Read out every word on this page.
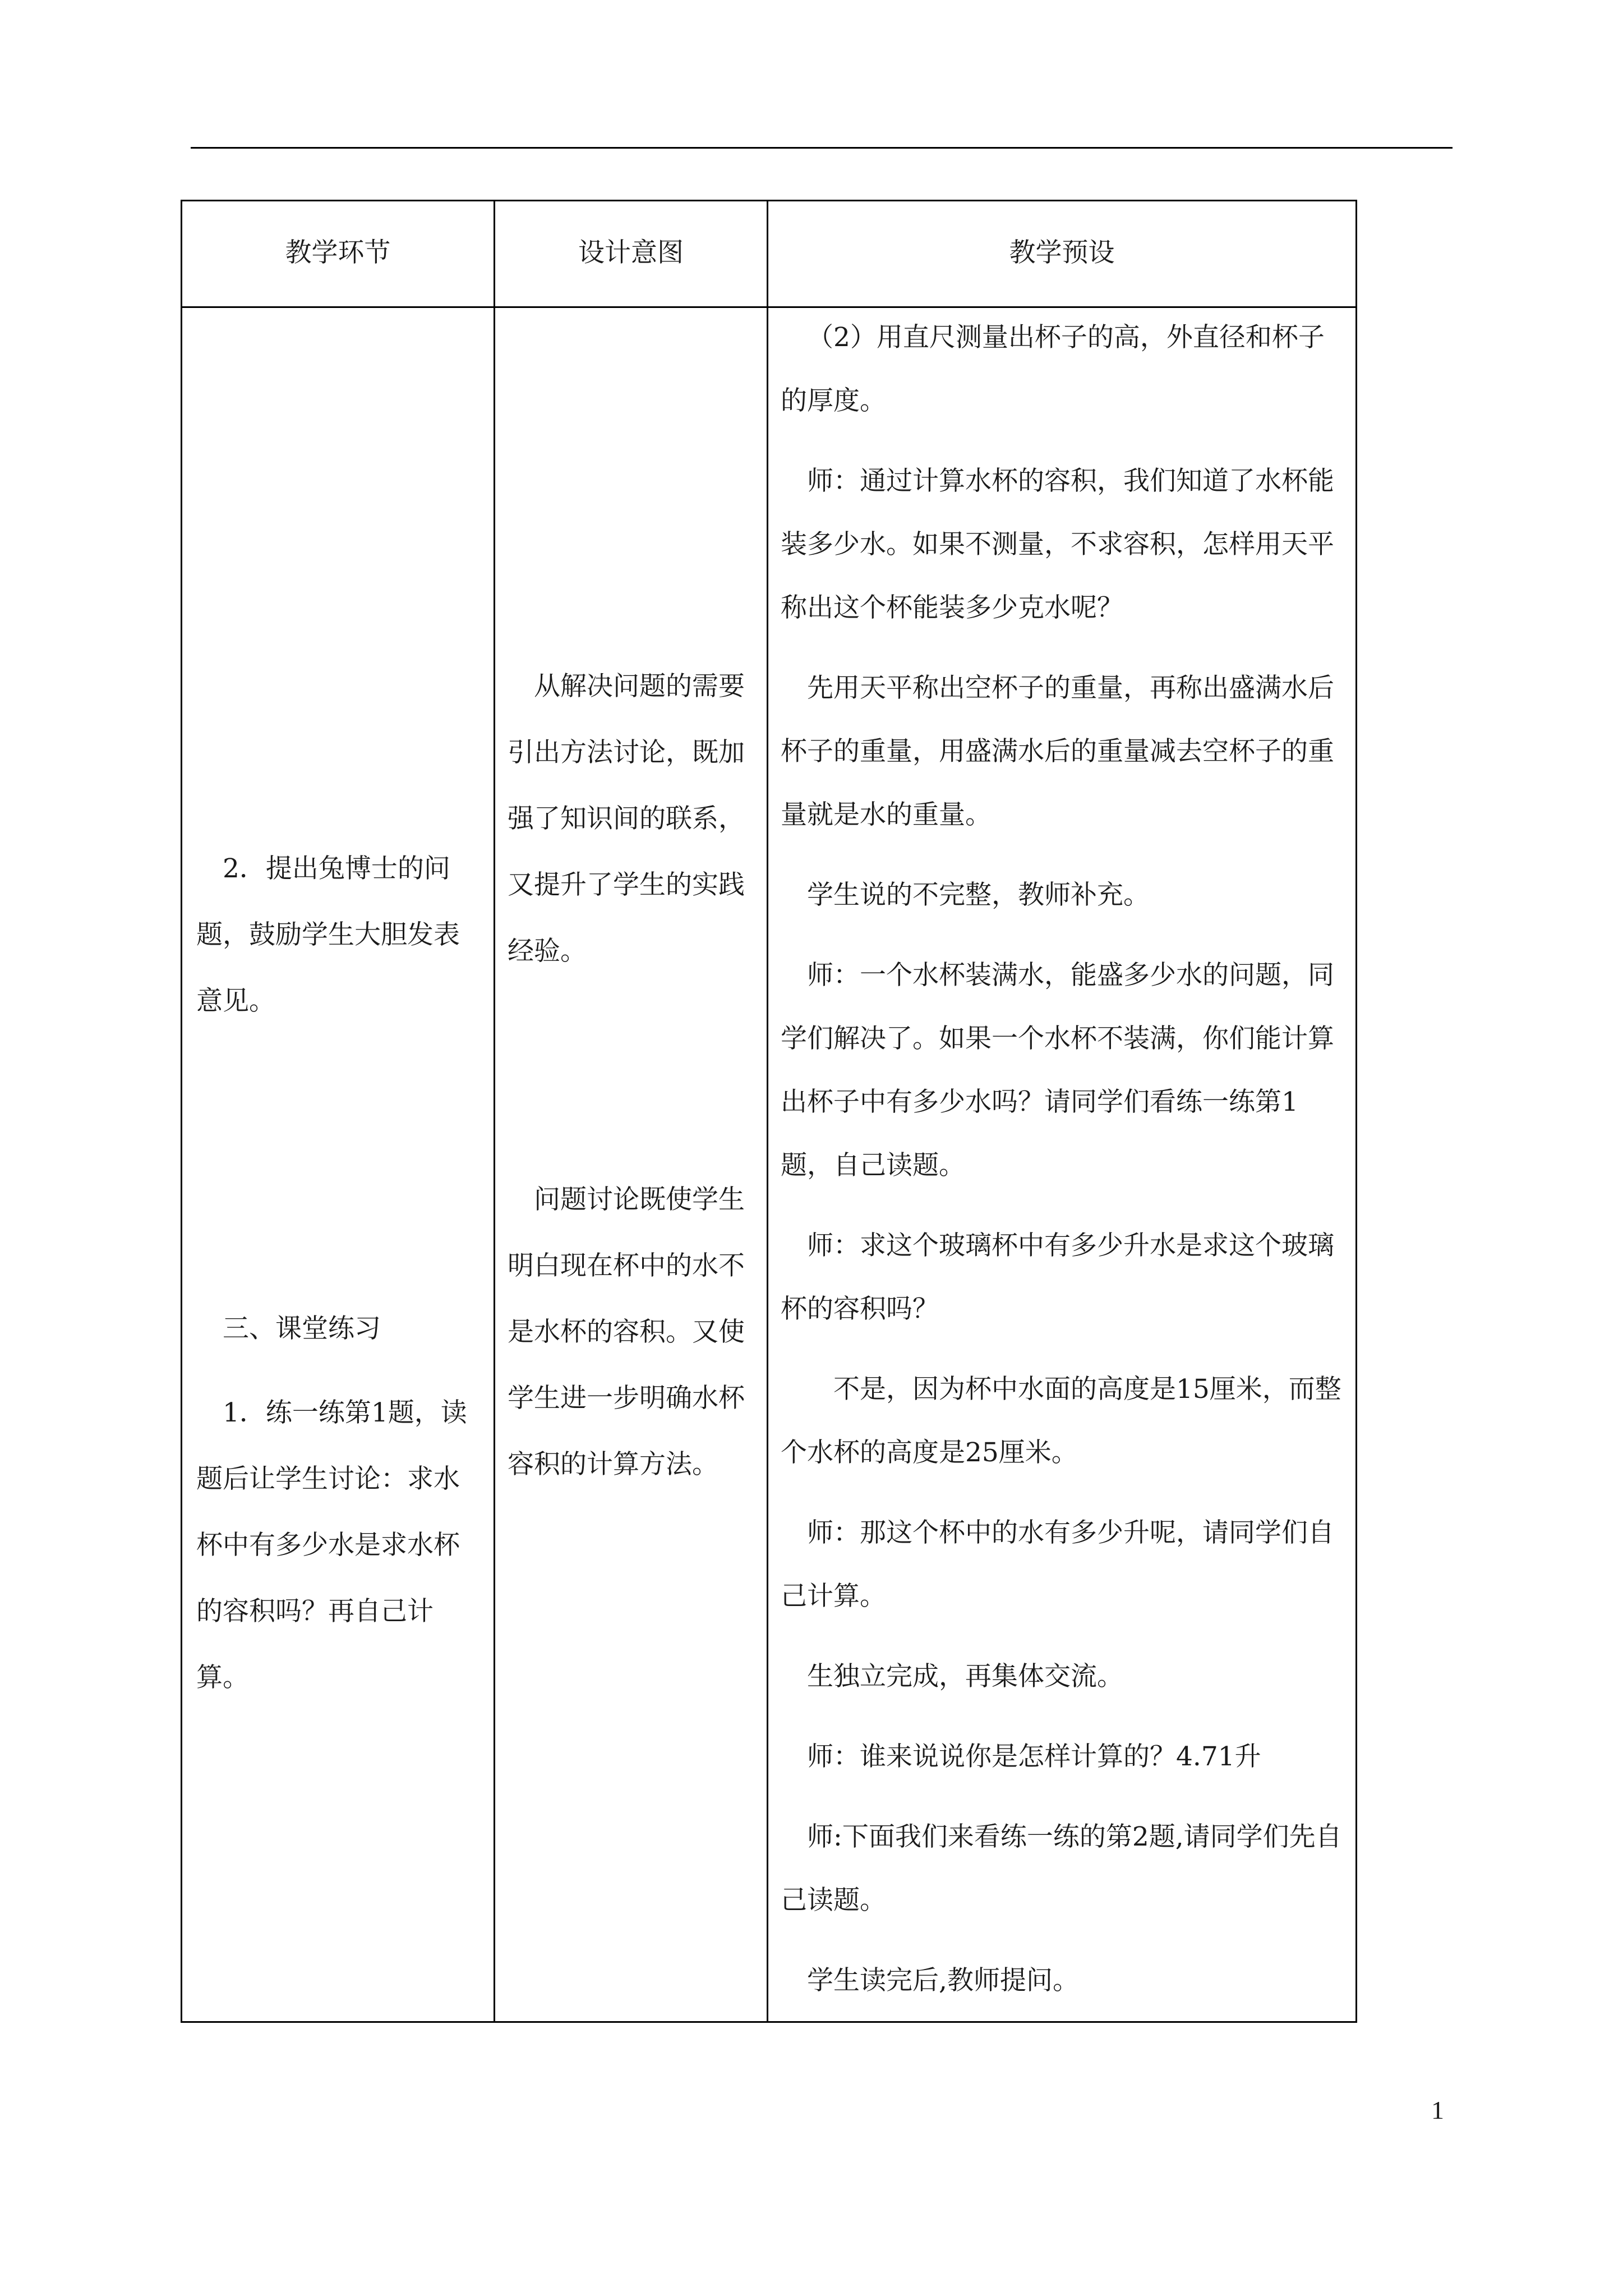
教学环节	设计意图	教学预设

2．提出兔博士的问题，鼓励学生大胆发表意见。

三、课堂练习

1．练一练第1题，读题后让学生讨论：求水杯中有多少水是求水杯的容积吗？再自己计算。

从解决问题的需要引出方法讨论，既加强了知识间的联系，又提升了学生的实践经验。

问题讨论既使学生明白现在杯中的水不是水杯的容积。又使学生进一步明确水杯容积的计算方法。

（2）用直尺测量出杯子的高，外直径和杯子的厚度。

师：通过计算水杯的容积，我们知道了水杯能装多少水。如果不测量，不求容积，怎样用天平称出这个杯能装多少克水呢？

先用天平称出空杯子的重量，再称出盛满水后杯子的重量，用盛满水后的重量减去空杯子的重量就是水的重量。

学生说的不完整，教师补充。

师：一个水杯装满水，能盛多少水的问题，同学们解决了。如果一个水杯不装满，你们能计算出杯子中有多少水吗？请同学们看练一练第1题，自己读题。

师：求这个玻璃杯中有多少升水是求这个玻璃杯的容积吗？

不是，因为杯中水面的高度是15厘米，而整个水杯的高度是25厘米。

师：那这个杯中的水有多少升呢，请同学们自己计算。

生独立完成，再集体交流。

师：谁来说说你是怎样计算的？4.71升

师:下面我们来看练一练的第2题,请同学们先自己读题。

学生读完后,教师提问。

1
